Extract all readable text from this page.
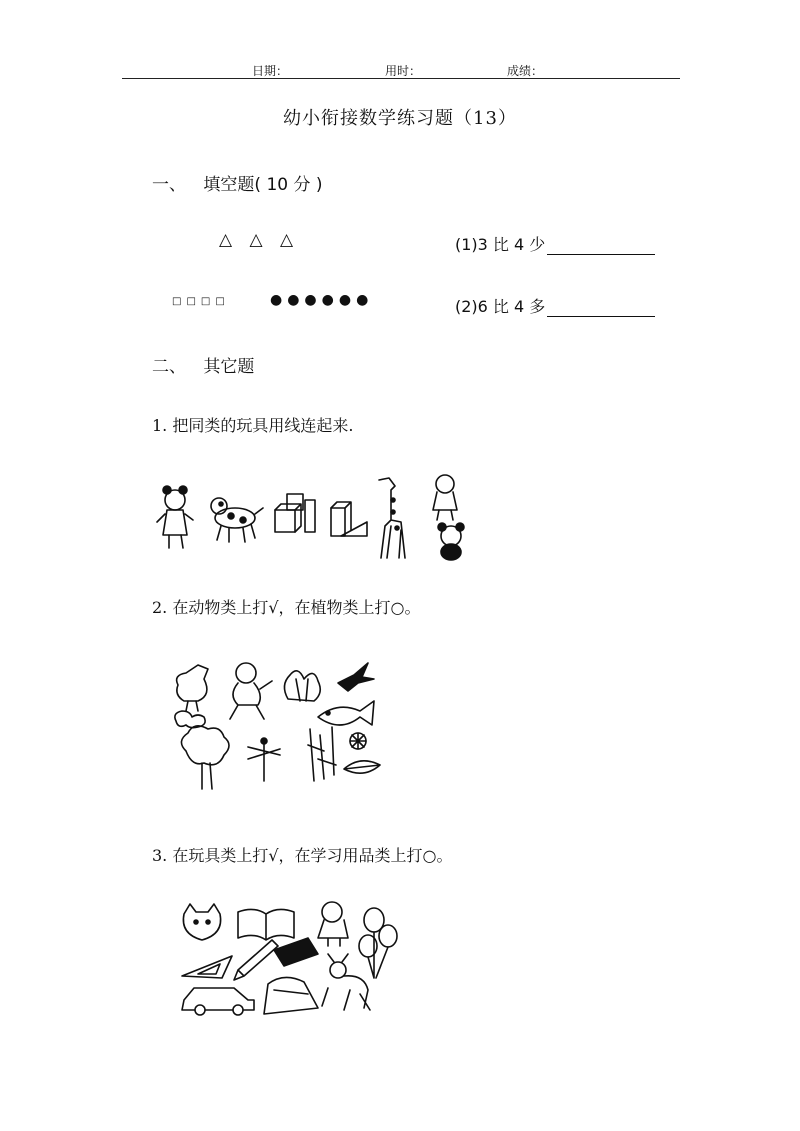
日期：	用时：	成绩：
幼小衔接数学练习题（13）
一、 填空题( 10 分 )
△ △ △	(1)3 比 4 少
□□□□	●●●●●●	(2)6 比 4 多
二、 其它题
1. 把同类的玩具用线连起来.
2. 在动物类上打√，在植物类上打○。
3. 在玩具类上打√，在学习用品类上打○。
